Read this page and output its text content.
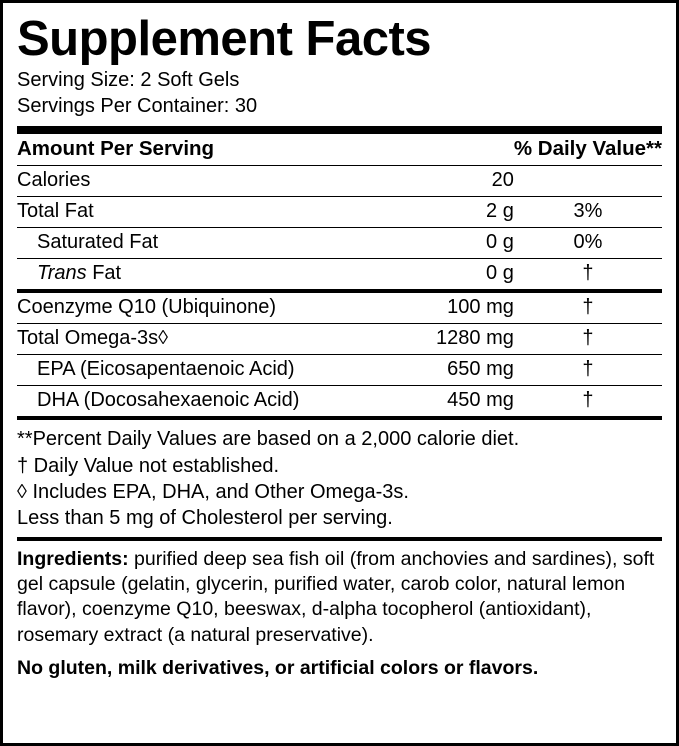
Supplement Facts
Serving Size: 2 Soft Gels
Servings Per Container: 30
Amount Per Serving		% Daily Value**
Calories	20	
Total Fat	2 g	3%
Saturated Fat	0 g	0%
Trans Fat	0 g	†
Coenzyme Q10 (Ubiquinone)	100 mg	†
Total Omega-3s◊	1280 mg	†
EPA (Eicosapentaenoic Acid)	650 mg	†
DHA (Docosahexaenoic Acid)	450 mg	†
**Percent Daily Values are based on a 2,000 calorie diet.
† Daily Value not established.
◊ Includes EPA, DHA, and Other Omega-3s.
Less than 5 mg of Cholesterol per serving.
Ingredients: purified deep sea fish oil (from anchovies and sardines), soft gel capsule (gelatin, glycerin, purified water, carob color, natural lemon flavor), coenzyme Q10, beeswax, d-alpha tocopherol (antioxidant), rosemary extract (a natural preservative).
No gluten, milk derivatives, or artificial colors or flavors.
